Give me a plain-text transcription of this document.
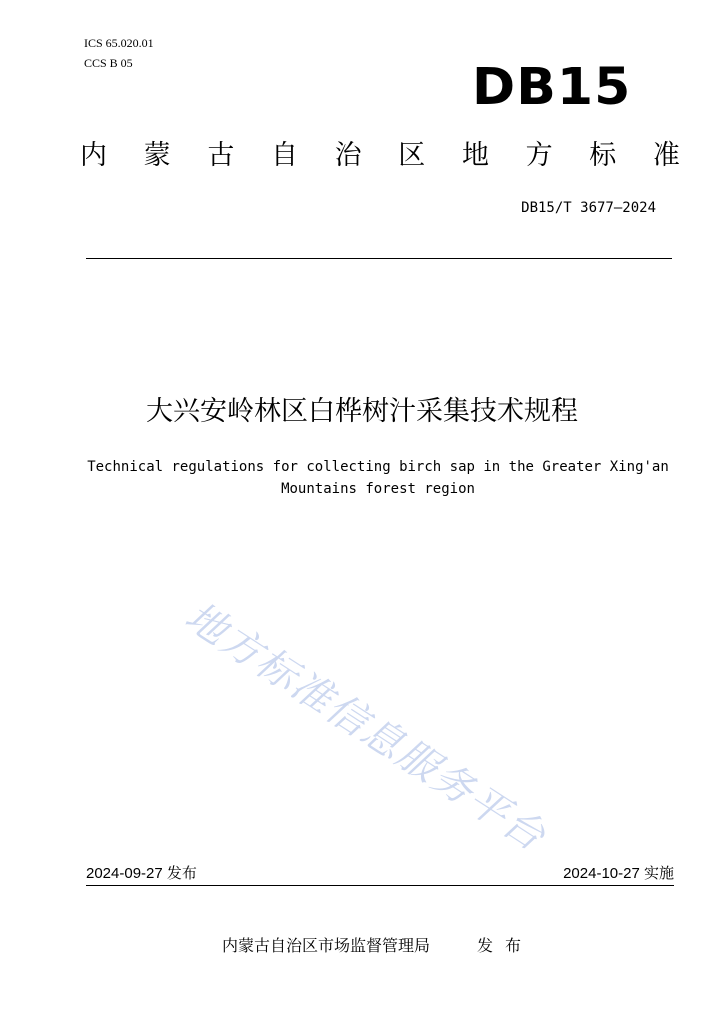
ICS 65.020.01
CCS B 05	DB15
内 蒙 古 自 治 区 地 方 标 准
DB15/T 3677—2024
大兴安岭林区白桦树汁采集技术规程
Technical regulations for collecting birch sap in the Greater Xing'an Mountains forest region
地方标准信息服务平台
2024-09-27 发布	2024-10-27 实施
内蒙古自治区市场监督管理局	发布
